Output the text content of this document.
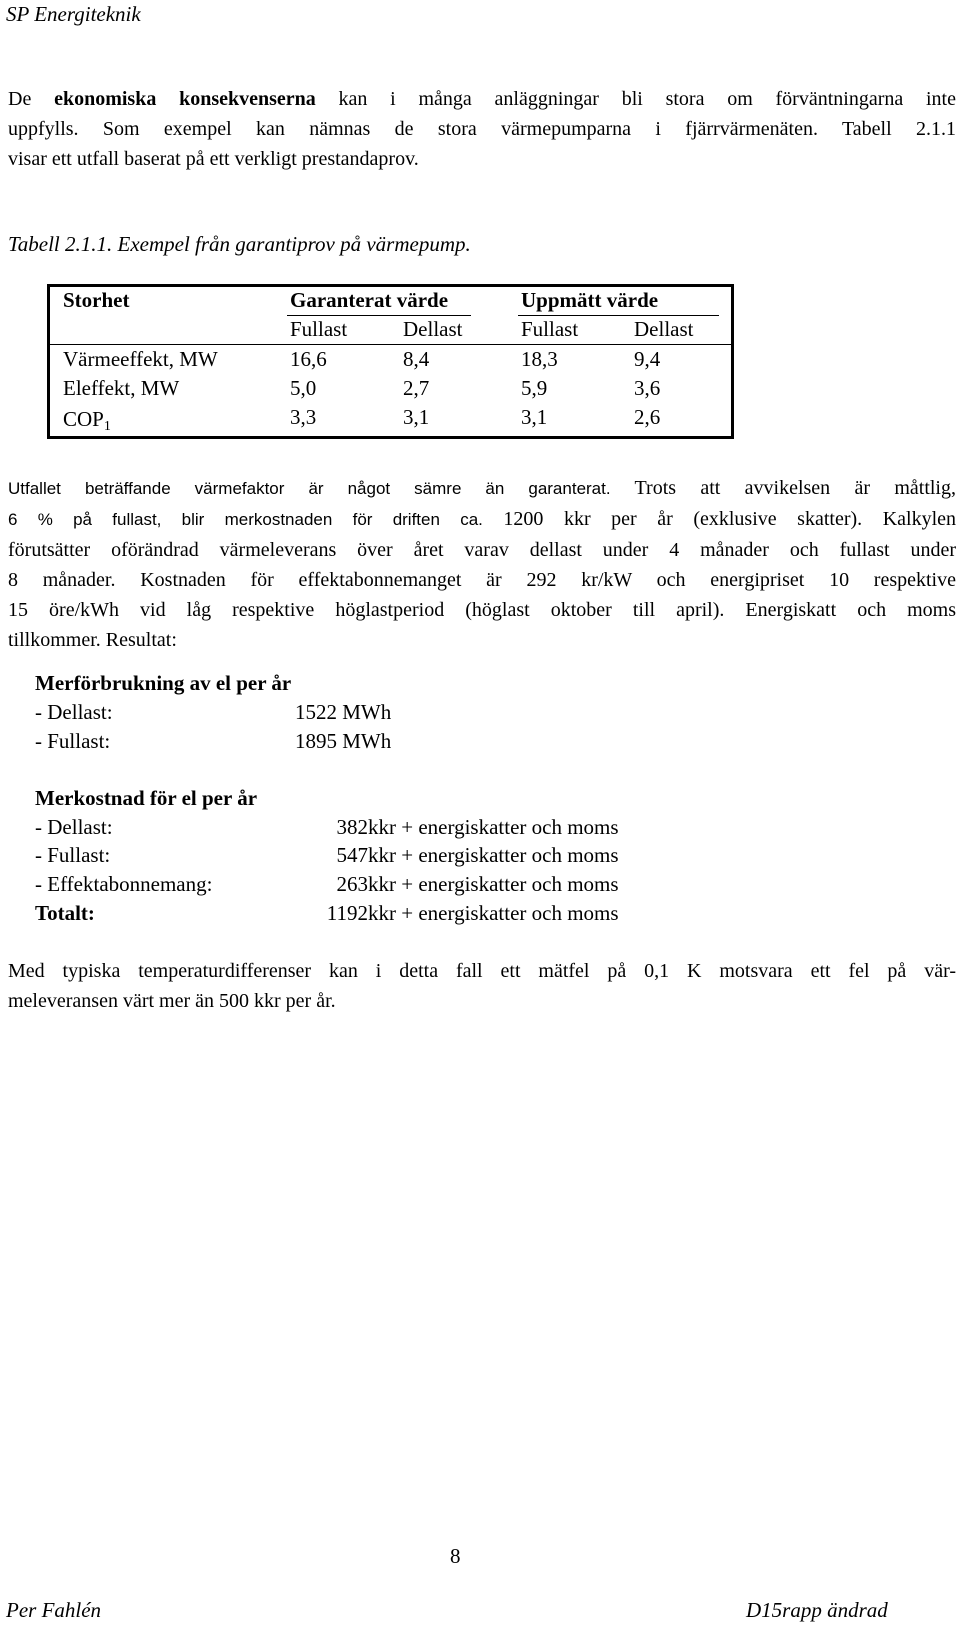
SP Energiteknik
De ekonomiska konsekvenserna kan i många anläggningar bli stora om förväntningarna inte
uppfylls. Som exempel kan nämnas de stora värmepumparna i fjärrvärmenäten. Tabell 2.1.1
visar ett utfall baserat på ett verkligt prestandaprov.
Tabell 2.1.1. Exempel från garantiprov på värmepump.
Storhet	Garanterat värde	Uppmätt värde
Fullast	Dellast	Fullast	Dellast
Värmeeffekt, MW	16,6	8,4	18,3	9,4
Eleffekt, MW	5,0	2,7	5,9	3,6
$COP_1$	3,3	3,1	3,1	2,6
Utfallet beträffande värmefaktor är något sämre än garanterat. Trots att avvikelsen är måttlig,
6 % på fullast, blir merkostnaden för driften ca. 1200 kkr per år (exklusive skatter). Kalkylen
förutsätter oförändrad värmeleverans över året varav dellast under 4 månader och fullast under
8 månader. Kostnaden för effektabonnemanget är 292 kr/kW och energipriset 10 respektive
15 öre/kWh vid låg respektive höglastperiod (höglast oktober till april). Energiskatt och moms
tillkommer. Resultat:
Merförbrukning av el per år
- Dellast:	1522 MWh
- Fullast:	1895 MWh
Merkostnad för el per år
- Dellast:	382 kkr + energiskatter och moms
- Fullast:	547 kkr + energiskatter och moms
- Effektabonnemang:	263 kkr + energiskatter och moms
Totalt:	1192 kkr + energiskatter och moms
Med typiska temperaturdifferenser kan i detta fall ett mätfel på 0,1 K motsvara ett fel på vär-
meleveransen värt mer än 500 kkr per år.
8
Per Fahlén	D15rapp ändrad
